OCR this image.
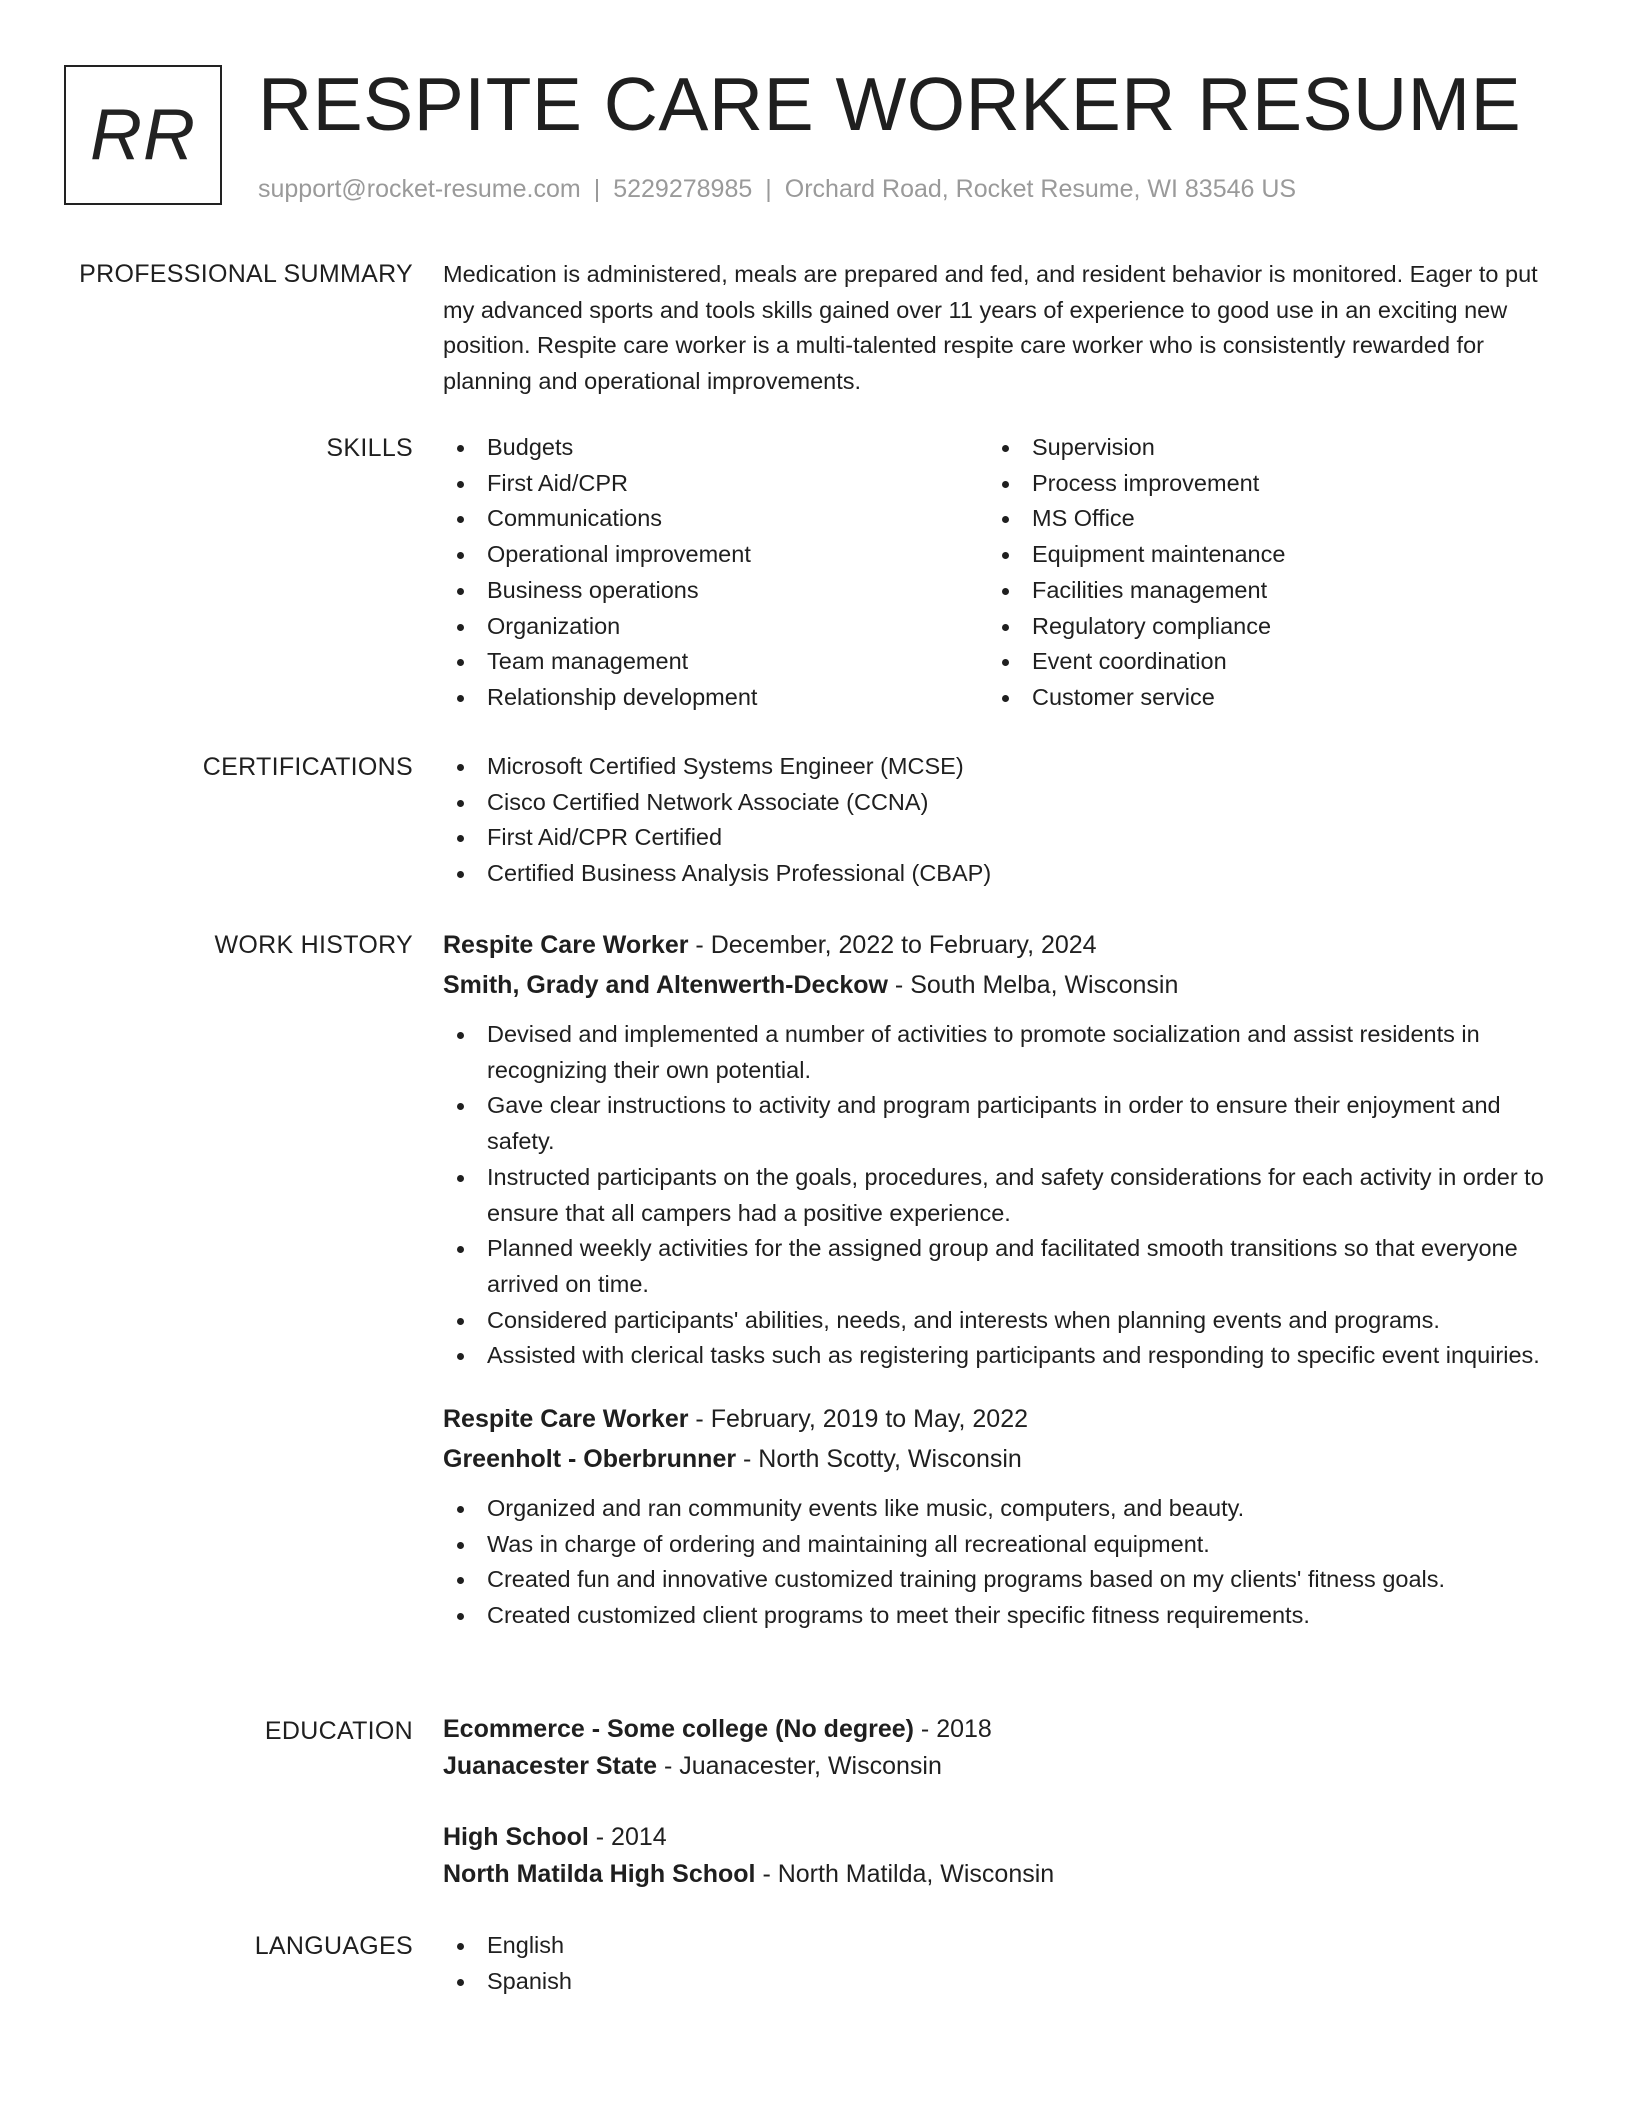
RR RESPITE CARE WORKER RESUME
support@rocket-resume.com | 5229278985 | Orchard Road, Rocket Resume, WI 83546 US
PROFESSIONAL SUMMARY Medication is administered, meals are prepared and fed, and resident behavior is monitored. Eager to put my advanced sports and tools skills gained over 11 years of experience to good use in an exciting new position. Respite care worker is a multi-talented respite care worker who is consistently rewarded for planning and operational improvements.

SKILLS	Budgets
First Aid/CPR
Communications
Operational improvement
Business operations
Organization
Team management
Relationship development
Supervision
Process improvement
MS Office
Equipment maintenance
Facilities management
Regulatory compliance
Event coordination
Customer service
CERTIFICATIONS	Microsoft Certified Systems Engineer (MCSE)
Cisco Certified Network Associate (CCNA)
First Aid/CPR Certified
Certified Business Analysis Professional (CBAP)
WORK HISTORY Respite Care Worker - December, 2022 to February, 2024
Smith, Grady and Altenwerth-Deckow - South Melba, Wisconsin
Devised and implemented a number of activities to promote socialization and assist residents in recognizing their own potential.
Gave clear instructions to activity and program participants in order to ensure their enjoyment and safety.
Instructed participants on the goals, procedures, and safety considerations for each activity in order to ensure that all campers had a positive experience.
Planned weekly activities for the assigned group and facilitated smooth transitions so that everyone arrived on time.
Considered participants' abilities, needs, and interests when planning events and programs.
Assisted with clerical tasks such as registering participants and responding to specific event inquiries.
Respite Care Worker - February, 2019 to May, 2022
Greenholt - Oberbrunner - North Scotty, Wisconsin
Organized and ran community events like music, computers, and beauty.
Was in charge of ordering and maintaining all recreational equipment.
Created fun and innovative customized training programs based on my clients' fitness goals.
Created customized client programs to meet their specific fitness requirements.
EDUCATION Ecommerce - Some college (No degree) - 2018
Juanacester State - Juanacester, Wisconsin
High School - 2014
North Matilda High School - North Matilda, Wisconsin
LANGUAGES	English
Spanish
